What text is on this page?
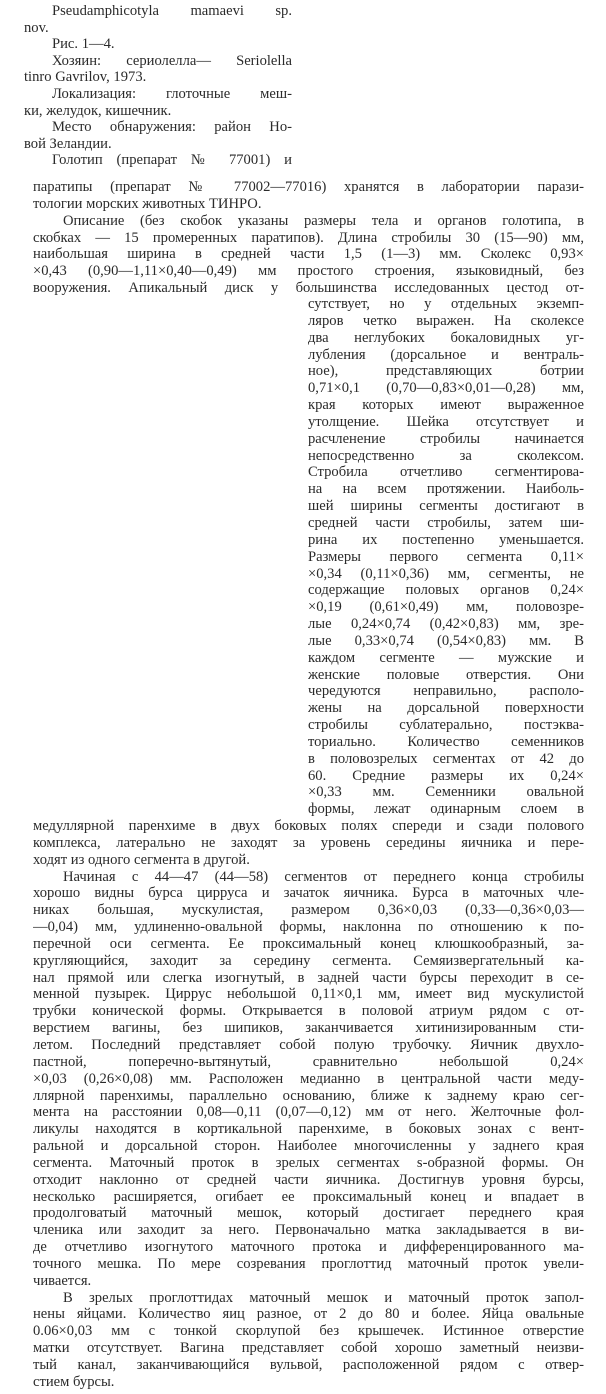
Pseudamphicotyla mamaevi sp.
nov.
Рис. 1—4.
Хозяин: сериолелла— Seriolella
tinro Gavrilov, 1973.
Локализация: глоточные меш-
ки, желудок, кишечник.
Место обнаружения: район Но-
вой Зеландии.
Голотип (препарат № 77001) и
паратипы (препарат № 77002—77016) хранятся в лаборатории парази-
тологии морских животных ТИНРО.
Описание (без скобок указаны размеры тела и органов голотипа, в
скобках — 15 промеренных паратипов). Длина стробилы 30 (15—90) мм,
наибольшая ширина в средней части 1,5 (1—3) мм. Сколекс 0,93×
×0,43 (0,90—1,11×0,40—0,49) мм простого строения, языковидный, без
вооружения. Апикальный диск у большинства исследованных цестод от-
сутствует, но у отдельных экземп-
ляров четко выражен. На сколексе
два неглубоких бокаловидных уг-
лубления (дорсальное и вентраль-
ное), представляющих ботрии
0,71×0,1 (0,70—0,83×0,01—0,28) мм,
края которых имеют выраженное
утолщение. Шейка отсутствует и
расчленение стробилы начинается
непосредственно за сколексом.
Стробила отчетливо сегментирова-
на на всем протяжении. Наиболь-
шей ширины сегменты достигают в
средней части стробилы, затем ши-
рина их постепенно уменьшается.
Размеры первого сегмента 0,11×
×0,34 (0,11×0,36) мм, сегменты, не
содержащие половых органов 0,24×
×0,19 (0,61×0,49) мм, половозре-
лые 0,24×0,74 (0,42×0,83) мм, зре-
лые 0,33×0,74 (0,54×0,83) мм. В
каждом сегменте — мужские и
женские половые отверстия. Они
чередуются неправильно, располо-
жены на дорсальной поверхности
стробилы сублатерально, постэква-
ториально. Количество семенников
в половозрелых сегментах от 42 до
60. Средние размеры их 0,24×
×0,33 мм. Семенники овальной
формы, лежат одинарным слоем в
медуллярной паренхиме в двух боковых полях спереди и сзади полового
комплекса, латерально не заходят за уровень середины яичника и пере-
ходят из одного сегмента в другой.
Начиная с 44—47 (44—58) сегментов от переднего конца стробилы
хорошо видны бурса цирруса и зачаток яичника. Бурса в маточных чле-
никах большая, мускулистая, размером 0,36×0,03 (0,33—0,36×0,03—
—0,04) мм, удлиненно-овальной формы, наклонна по отношению к по-
перечной оси сегмента. Ее проксимальный конец клюшкообразный, за-
кругляющийся, заходит за середину сегмента. Семяизвергательный ка-
нал прямой или слегка изогнутый, в задней части бурсы переходит в се-
менной пузырек. Циррус небольшой 0,11×0,1 мм, имеет вид мускулистой
трубки конической формы. Открывается в половой атриум рядом с от-
верстием вагины, без шипиков, заканчивается хитинизированным сти-
летом. Последний представляет собой полую трубочку. Яичник двухло-
пастной, поперечно-вытянутый, сравнительно небольшой 0,24×
×0,03 (0,26×0,08) мм. Расположен медианно в центральной части меду-
ллярной паренхимы, параллельно основанию, ближе к заднему краю сег-
мента на расстоянии 0,08—0,11 (0,07—0,12) мм от него. Желточные фол-
ликулы находятся в кортикальной паренхиме, в боковых зонах с вент-
ральной и дорсальной сторон. Наиболее многочисленны у заднего края
сегмента. Маточный проток в зрелых сегментах s-образной формы. Он
отходит наклонно от средней части яичника. Достигнув уровня бурсы,
несколько расширяется, огибает ее проксимальный конец и впадает в
продолговатый маточный мешок, который достигает переднего края
членика или заходит за него. Первоначально матка закладывается в ви-
де отчетливо изогнутого маточного протока и дифференцированного ма-
точного мешка. По мере созревания проглоттид маточный проток увели-
чивается.
В зрелых проглоттидах маточный мешок и маточный проток запол-
нены яйцами. Количество яиц разное, от 2 до 80 и более. Яйца овальные
0.06×0,03 мм с тонкой скорлупой без крышечек. Истинное отверстие
матки отсутствует. Вагина представляет собой хорошо заметный неизви-
тый канал, заканчивающийся вульвой, расположенной рядом с отвер-
стием бурсы.
